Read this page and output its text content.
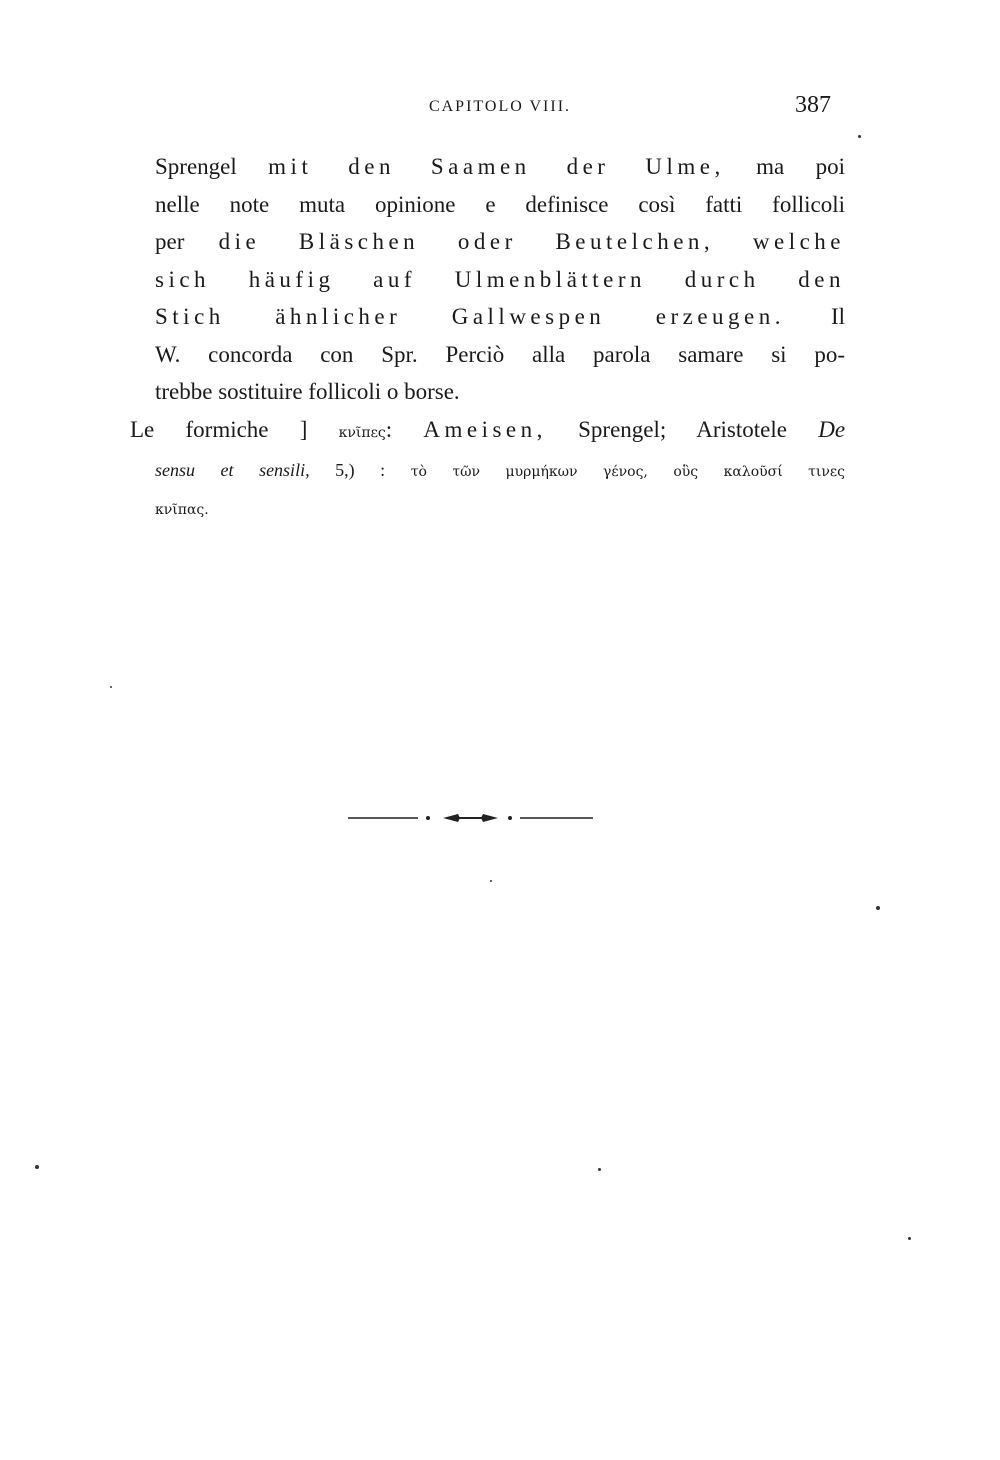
CAPITOLO VIII.	387
Sprengel mit den Saamen der Ulme, ma poi
nelle note muta opinione e definisce così fatti follicoli
per die Bläschen oder Beutelchen, welche
sich häufig auf Ulmenblättern durch den
Stich ähnlicher Gallwespen erzeugen. Il
W. concorda con Spr. Perciò alla parola samare si po-
trebbe sostituire follicoli o borse.
Le formiche ] κνῖπες: Ameisen, Sprengel; Aristotele De
sensu et sensili, 5,) : τὸ τῶν μυρμήκων γένος, οὓς καλοῦσί τινες
κνῖπας.
